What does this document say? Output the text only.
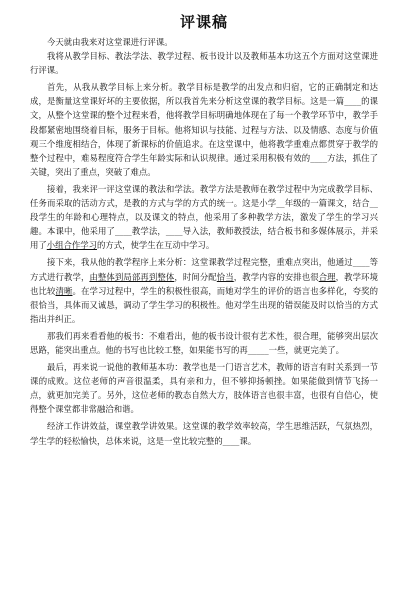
评课稿

今天就由我来对这堂课进行评课。

我将从教学目标、教法学法、教学过程、板书设计以及教师基本功这五个方面对这堂课进行评课。

首先，从我从教学目标上来分析。教学目标是教学的出发点和归宿，它的正确制定和达成，是衡量这堂课好坏的主要依据，所以我首先来分析这堂课的教学目标。这是一篇____的课文，从整个这堂课的整个过程来看，他将教学目标明确地体现在了每一个教学环节中，教学手段都紧密地围绕着目标，服务于目标。他将知识与技能、过程与方法、以及情感、态度与价值观三个维度相结合，体现了新课标的价值追求。在这堂课中，他将教学重难点都贯穿于教学的整个过程中，难易程度符合学生年龄实际和认识规律。通过采用积极有效的____方法，抓住了关键，突出了重点，突破了难点。

接着，我来评一评这堂课的教法和学法。教学方法是教师在教学过程中为完成教学目标、任务而采取的活动方式，是教的方式与学的方式的统一。这是小学__年级的一篇课文，结合__段学生的年龄和心理特点，以及课文的特点，他采用了多种教学方法，激发了学生的学习兴趣。本课中，他采用了____教学法，____导入法，教师教授法，结合板书和多媒体展示，并采用了小组合作学习的方式，使学生在互动中学习。

接下来，我从他的教学程序上来分析：这堂课教学过程完整，重难点突出，他通过____等方式进行教学，由整体到局部再到整体，时间分配恰当，教学内容的安排也很合理，教学环境也比较清晰。在学习过程中，学生的积极性很高，而她对学生的评价的语言也多样化，夸奖的很恰当，具体而又诚恳，调动了学生学习的积极性。他对学生出现的错误能及时以恰当的方式指出并纠正。

那我们再来看看他的板书：不难看出，他的板书设计很有艺术性，很合理，能够突出层次思路，能突出重点。他的书写也比较工整，如果能书写的再_____一些，就更完美了。

最后，再来说一说他的教师基本功：教学也是一门语言艺术，教师的语言有时关系到一节课的成败。这位老师的声音很温柔，具有亲和力，但不够抑扬顿挫。如果能做到情节飞扬一点，就更加完美了。另外，这位老师的教态自然大方，肢体语言也很丰富，也很有自信心，使得整个课堂都非常融洽和谐。

经济工作讲效益，课堂教学讲效果。这堂课的教学效率较高，学生思维活跃，气氛热烈，学生学的轻松愉快，总体来说，这是一堂比较完整的____课。
